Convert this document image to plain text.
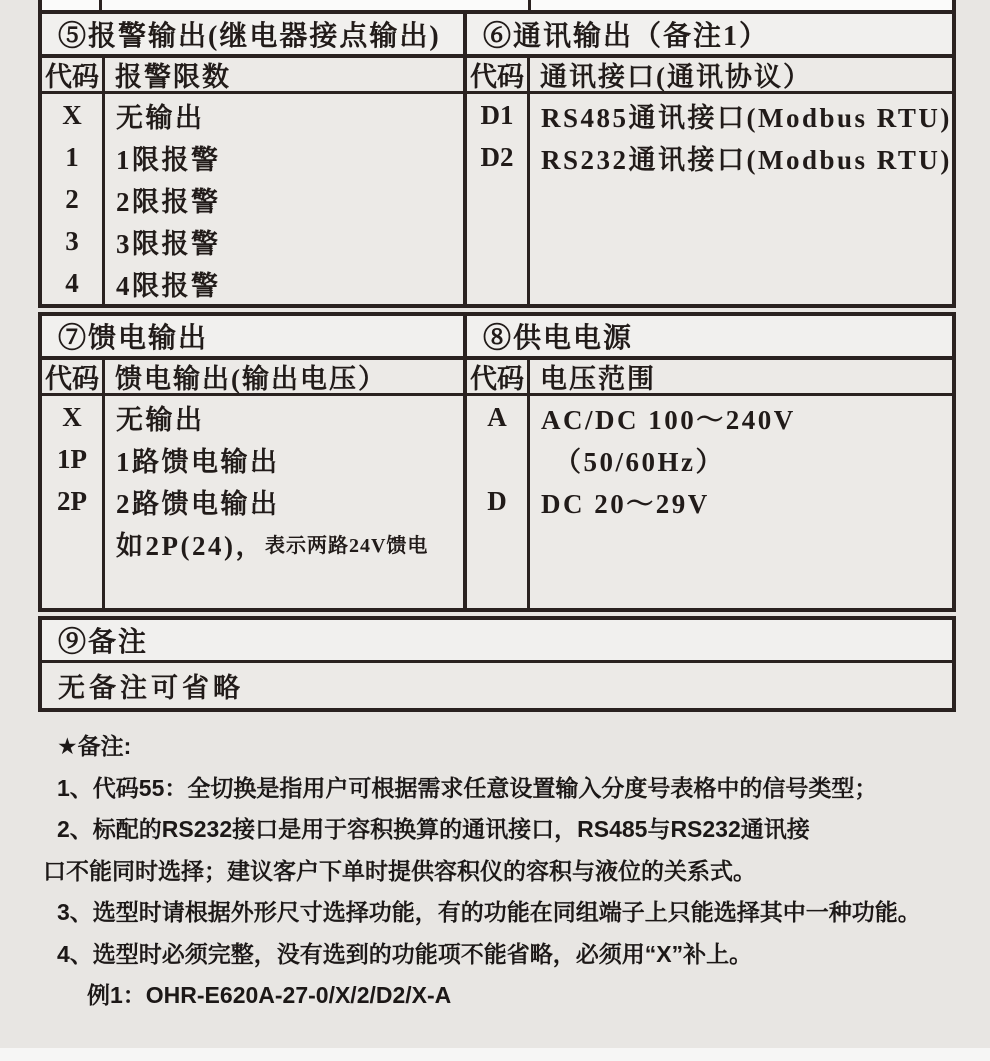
⑤报警输出(继电器接点输出)
代码 报警限数
X
1
2
3
4
无输出
1限报警
2限报警
3限报警
4限报警
⑥通讯输出（备注1）
代码 通讯接口(通讯协议）
D1
D2
RS485通讯接口(Modbus RTU)
RS232通讯接口(Modbus RTU)
⑦馈电输出
代码 馈电输出(输出电压）
X
1P
2P
无输出
1路馈电输出
2路馈电输出
如2P(24)， 表示两路24V馈电
⑧供电电源
代码 电压范围
A
D
AC/DC 100～240V
（50/60Hz）
DC 20～29V
⑨备注
无备注可省略
★备注:
1、代码55：全切换是指用户可根据需求任意设置输入分度号表格中的信号类型；
2、标配的RS232接口是用于容积换算的通讯接口，RS485与RS232通讯接
口不能同时选择；建议客户下单时提供容积仪的容积与液位的关系式。
3、选型时请根据外形尺寸选择功能，有的功能在同组端子上只能选择其中一种功能。
4、选型时必须完整，没有选到的功能项不能省略，必须用“X”补上。
例1：OHR-E620A-27-0/X/2/D2/X-A
